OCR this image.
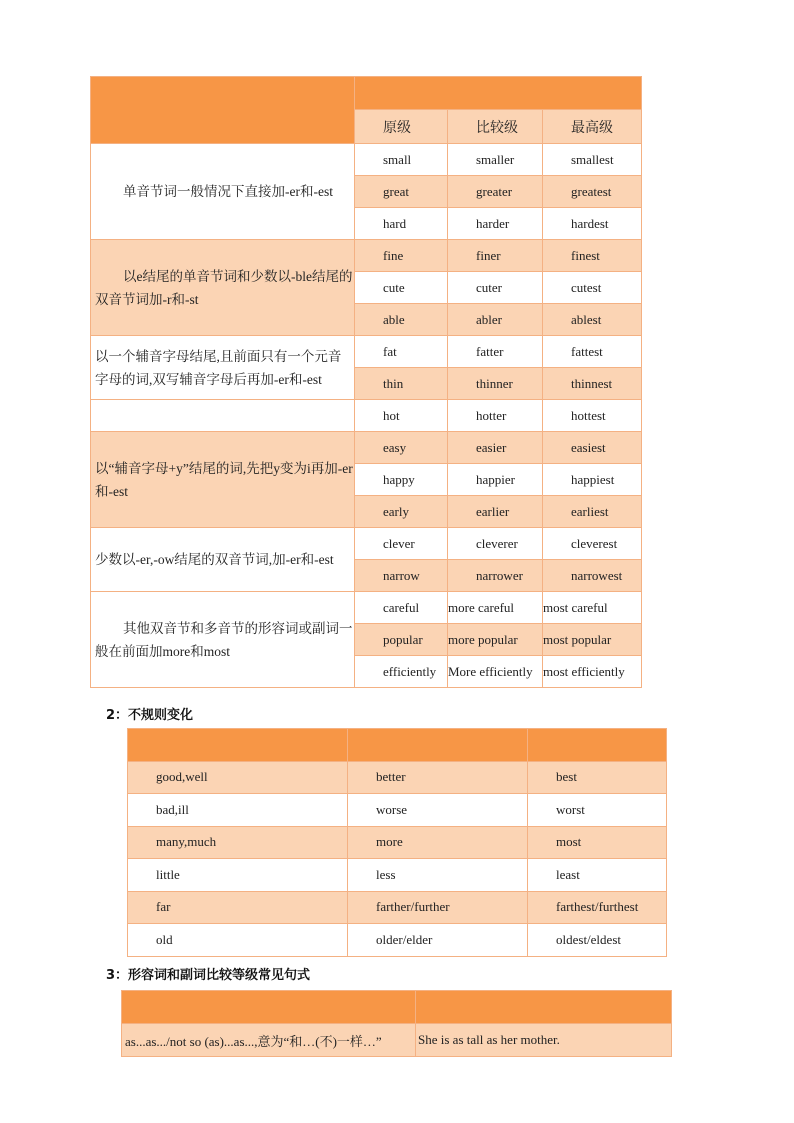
	原级	比较级	最高级
单音节词一般情况下直接加-er和-est	small	smaller	smallest
	great	greater	greatest
	hard	harder	hardest
以e结尾的单音节词和少数以-ble结尾的双音节词加-r和-st	fine	finer	finest
	cute	cuter	cutest
	able	abler	ablest
以一个辅音字母结尾,且前面只有一个元音字母的词,双写辅音字母后再加-er和-est	fat	fatter	fattest
	thin	thinner	thinnest
	hot	hotter	hottest
以“辅音字母+y”结尾的词,先把y变为i再加-er和-est	easy	easier	easiest
	happy	happier	happiest
	early	earlier	earliest
少数以-er,-ow结尾的双音节词,加-er和-est	clever	cleverer	cleverest
	narrow	narrower	narrowest
其他双音节和多音节的形容词或副词一般在前面加more和most	careful	more careful	most careful
	popular	more popular	most popular
	efficiently	More efficiently	most efficiently
2：不规则变化

good,well	better	best
bad,ill	worse	worst
many,much	more	most
little	less	least
far	farther/further	farthest/furthest
old	older/elder	oldest/eldest
3：形容词和副词比较等级常见句式

as...as.../not so (as)...as...,意为“和…(不)一样…”	She is as tall as her mother.
